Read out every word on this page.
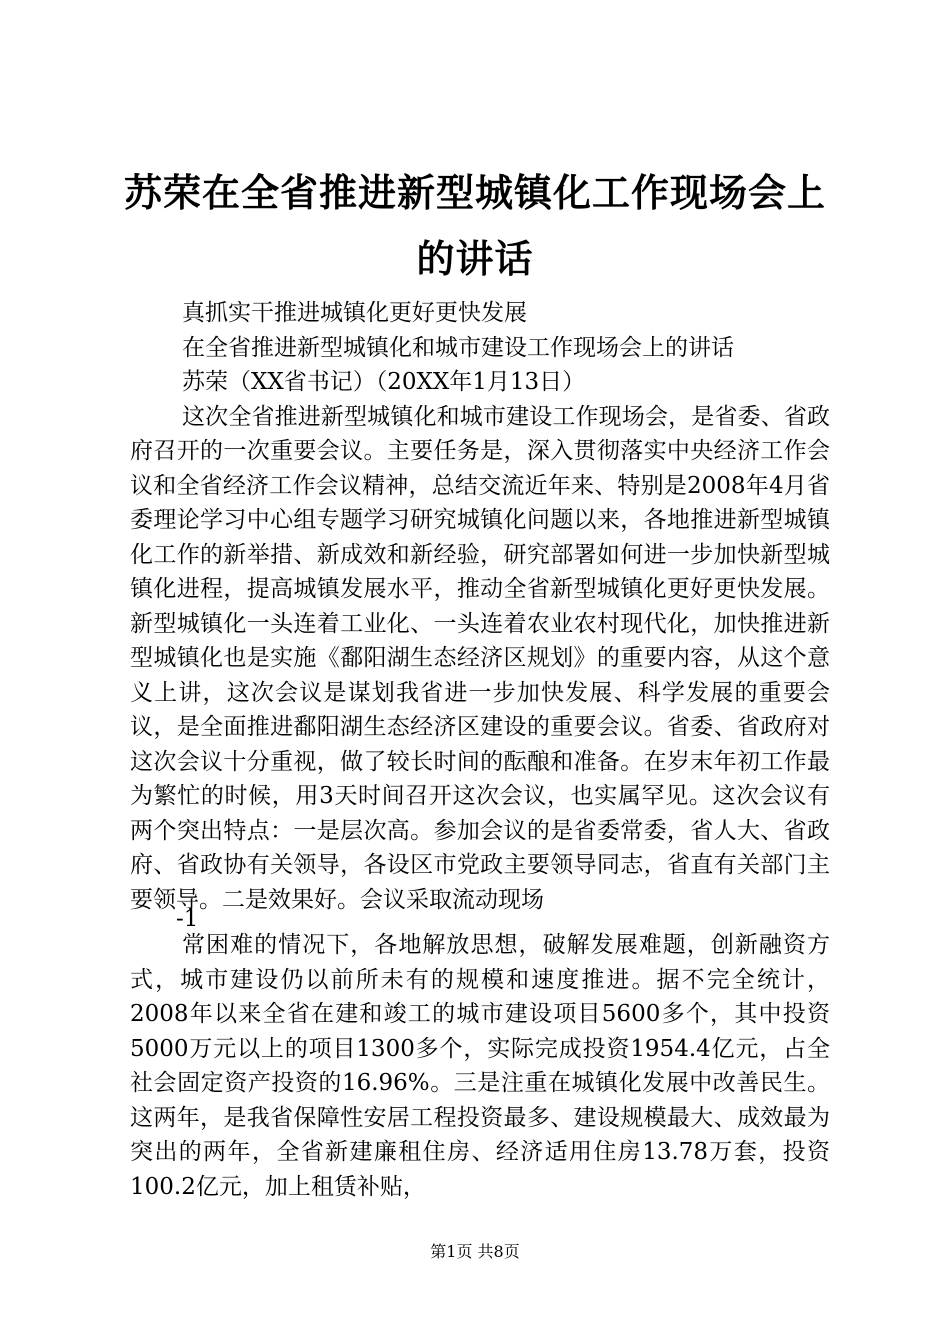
苏荣在全省推进新型城镇化工作现场会上的讲话
真抓实干推进城镇化更好更快发展
在全省推进新型城镇化和城市建设工作现场会上的讲话
苏荣（XX省书记）（20XX年1月13日）
这次全省推进新型城镇化和城市建设工作现场会，是省委、省政府召开的一次重要会议。主要任务是，深入贯彻落实中央经济工作会议和全省经济工作会议精神，总结交流近年来、特别是2008年4月省委理论学习中心组专题学习研究城镇化问题以来，各地推进新型城镇化工作的新举措、新成效和新经验，研究部署如何进一步加快新型城镇化进程，提高城镇发展水平，推动全省新型城镇化更好更快发展。新型城镇化一头连着工业化、一头连着农业农村现代化，加快推进新型城镇化也是实施《鄱阳湖生态经济区规划》的重要内容，从这个意义上讲，这次会议是谋划我省进一步加快发展、科学发展的重要会议，是全面推进鄱阳湖生态经济区建设的重要会议。省委、省政府对这次会议十分重视，做了较长时间的酝酿和准备。在岁末年初工作最为繁忙的时候，用3天时间召开这次会议，也实属罕见。这次会议有两个突出特点：一是层次高。参加会议的是省委常委，省人大、省政府、省政协有关领导，各设区市党政主要领导同志，省直有关部门主要领导。二是效果好。会议采取流动现场
-1
常困难的情况下，各地解放思想，破解发展难题，创新融资方式，城市建设仍以前所未有的规模和速度推进。据不完全统计，2008年以来全省在建和竣工的城市建设项目5600多个，其中投资5000万元以上的项目1300多个，实际完成投资1954.4亿元，占全社会固定资产投资的16.96%。三是注重在城镇化发展中改善民生。这两年，是我省保障性安居工程投资最多、建设规模最大、成效最为突出的两年，全省新建廉租住房、经济适用住房13.78万套，投资100.2亿元，加上租赁补贴，
第1页 共8页
